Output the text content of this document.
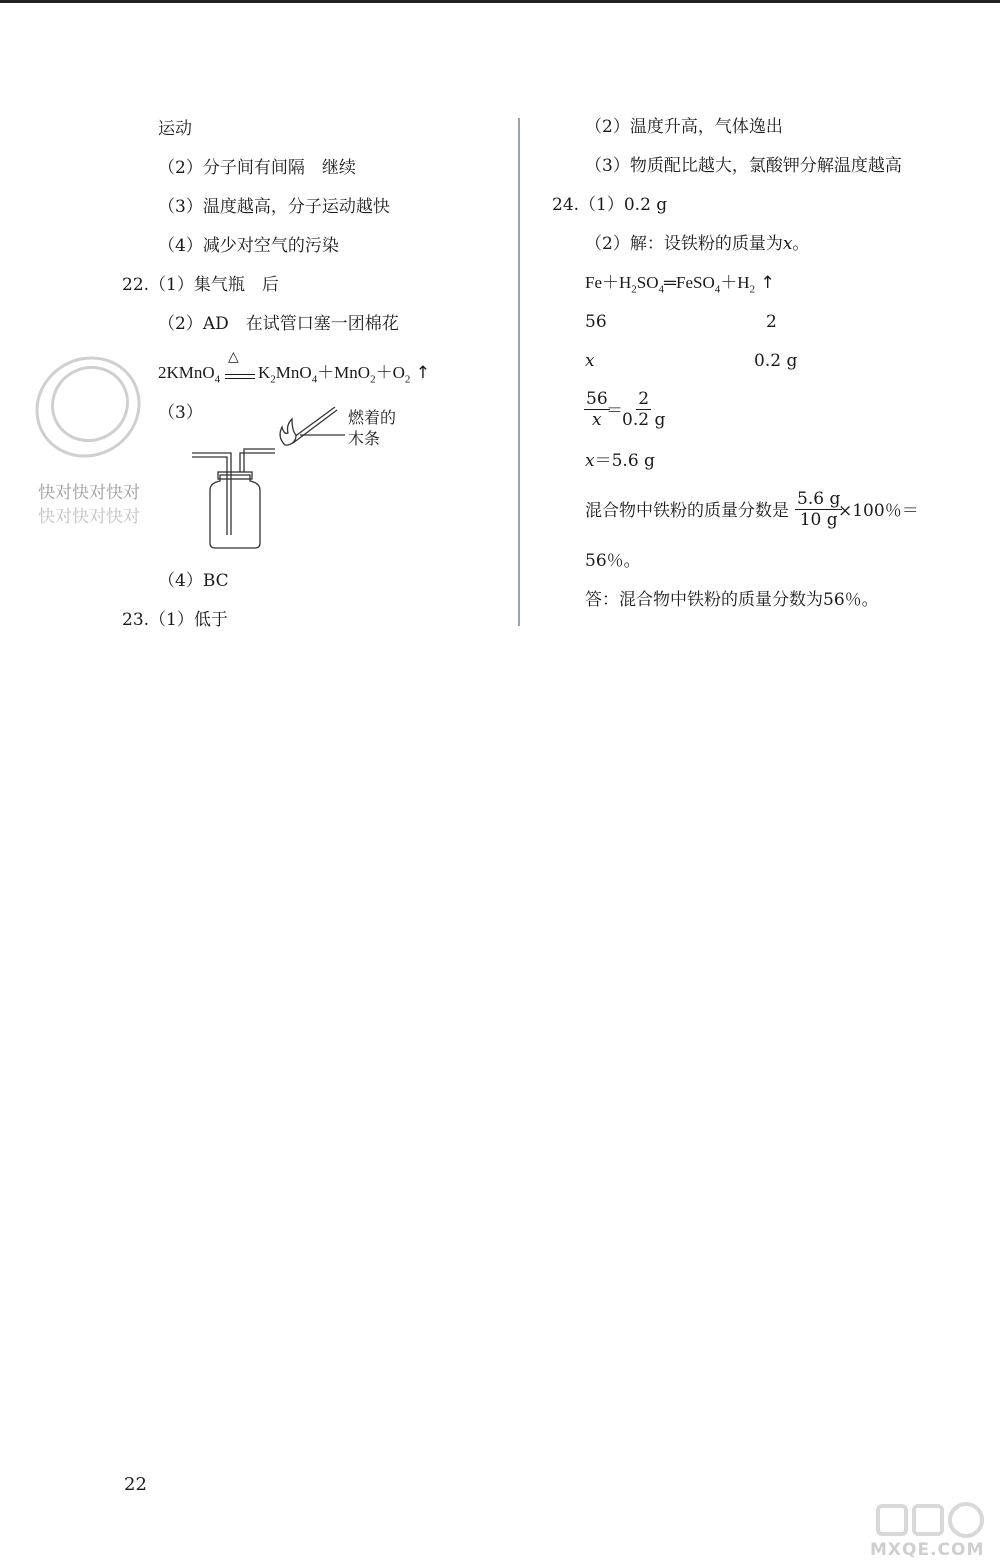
运动
（2）分子间有间隔　继续
（3）温度越高，分子运动越快
（4）减少对空气的污染
22.（1）集气瓶　后
（2）AD　在试管口塞一团棉花
2KMnO$_4$
△
$K_2MnO_4+MnO_2+O_2$ ↑
（3）	燃着的
木条
快对快对快对
快对快对快对
（4）BC
23.（1）低于
（2）温度升高，气体逸出
（3）物质配比越大，氯酸钾分解温度越高
24.（1）0.2 g
（2）解：设铁粉的质量为x。
$Fe+H_2SO_4═FeSO_4+H_2$ ↑
56	2
x	0.2 g
$\frac{56}{x}$
＝
$\frac{2}{0.2 g}$
x＝5.6 g
混合物中铁粉的质量分数是 $\frac{5.6 g}{10 g}$
×100％＝
56％。
答：混合物中铁粉的质量分数为56％。
22
MXQE.COM
